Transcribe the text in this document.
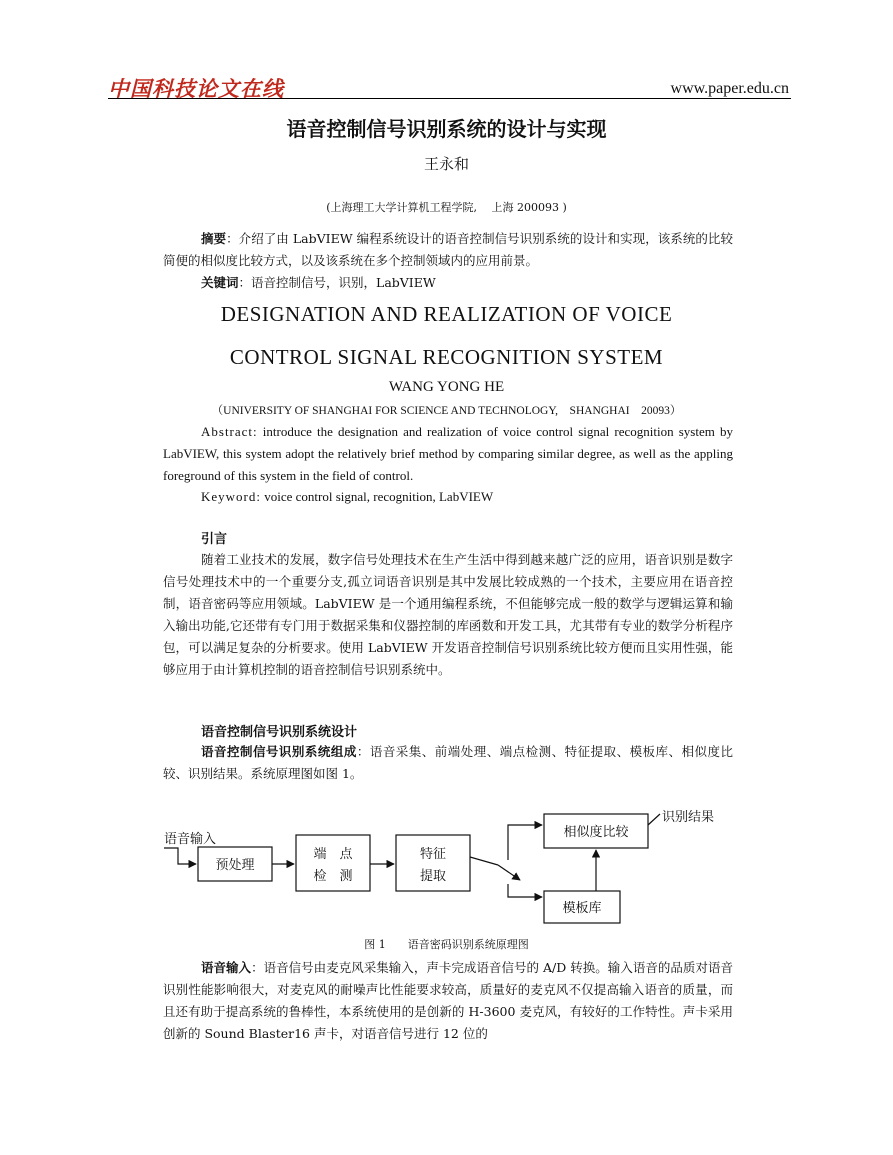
中国科技论文在线	www.paper.edu.cn
语音控制信号识别系统的设计与实现
王永和
(上海理工大学计算机工程学院,　 上海 200093 )
摘要：介绍了由 LabVIEW 编程系统设计的语音控制信号识别系统的设计和实现，该系统的比较简便的相似度比较方式，以及该系统在多个控制领域内的应用前景。
关键词：语音控制信号，识别，LabVIEW
DESIGNATION AND REALIZATION OF VOICE
CONTROL SIGNAL RECOGNITION SYSTEM
WANG YONG HE
（UNIVERSITY OF SHANGHAI FOR SCIENCE AND TECHNOLOGY,　SHANGHAI　20093）
Abstract: introduce the designation and realization of voice control signal recognition system by LabVIEW, this system adopt the relatively brief method by comparing similar degree, as well as the appling foreground of this system in the field of control.
Keyword: voice control signal, recognition, LabVIEW
引言
随着工业技术的发展，数字信号处理技术在生产生活中得到越来越广泛的应用，语音识别是数字信号处理技术中的一个重要分支,孤立词语音识别是其中发展比较成熟的一个技术，主要应用在语音控制，语音密码等应用领域。LabVIEW 是一个通用编程系统，不但能够完成一般的数学与逻辑运算和输入输出功能,它还带有专门用于数据采集和仪器控制的库函数和开发工具，尤其带有专业的数学分析程序包，可以满足复杂的分析要求。使用 LabVIEW 开发语音控制信号识别系统比较方便而且实用性强，能够应用于由计算机控制的语音控制信号识别系统中。
语音控制信号识别系统设计
语音控制信号识别系统组成：语音采集、前端处理、端点检测、特征提取、模板库、相似度比较、识别结果。系统原理图如图 1。
语音输入
预处理
端　点
检　测
特征
提取
相似度比较
模板库
识别结果
图 1　　语音密码识别系统原理图
语音输入：语音信号由麦克风采集输入，声卡完成语音信号的 A/D 转换。输入语音的品质对语音识别性能影响很大，对麦克风的耐噪声比性能要求较高，质量好的麦克风不仅提高输入语音的质量，而且还有助于提高系统的鲁棒性，本系统使用的是创新的 H-3600 麦克风，有较好的工作特性。声卡采用创新的 Sound Blaster16 声卡，对语音信号进行 12 位的
